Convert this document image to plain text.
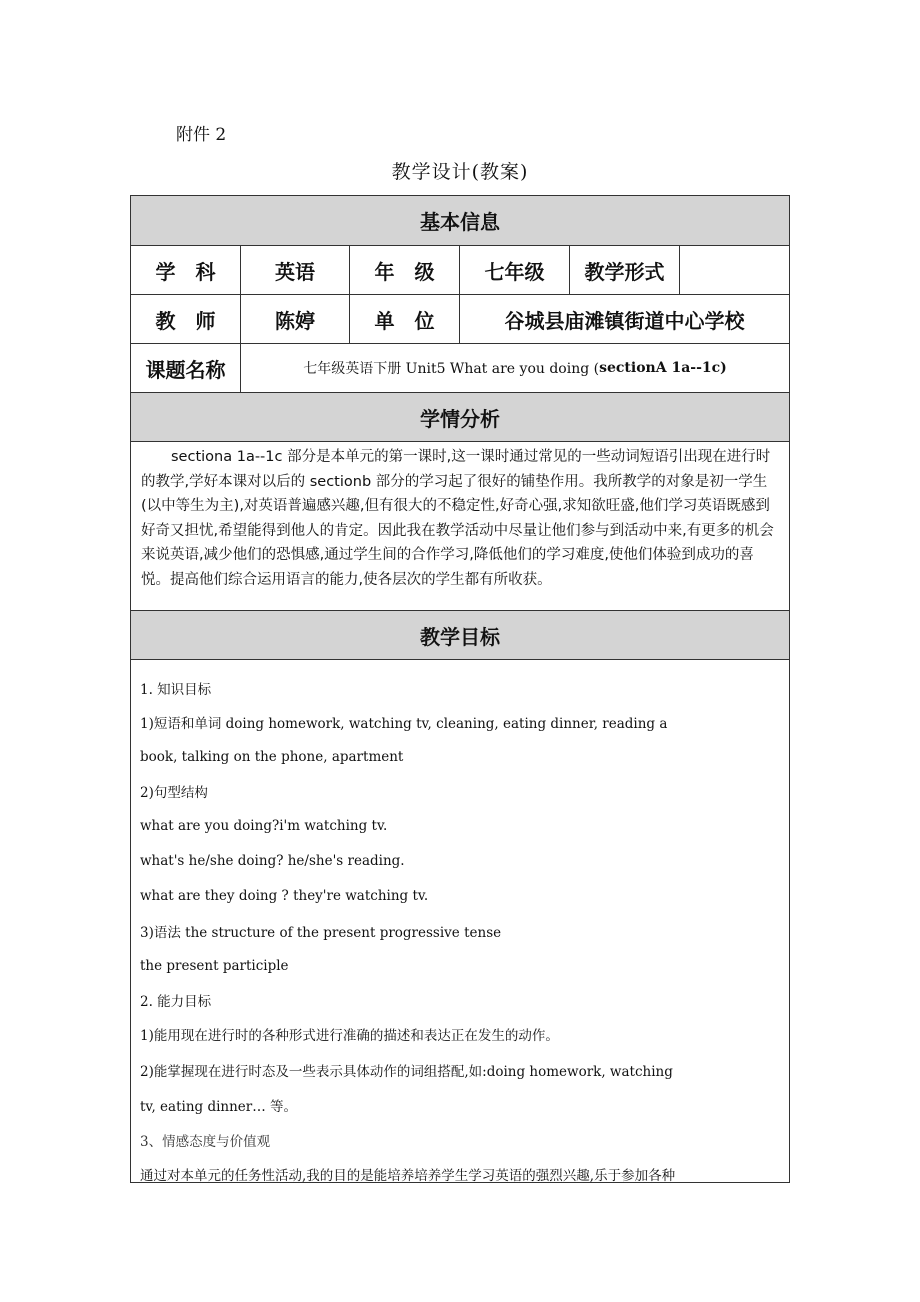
附件 2
教学设计(教案)
基本信息
学　科	英语	年　级	七年级	教学形式
教　师	陈婷	单　位	谷城县庙滩镇街道中心学校
课题名称	七年级英语下册 Unit5 What are you doing ( sectionA 1a--1c)
学情分析
sectiona 1a--1c 部分是本单元的第一课时,这一课时通过常见的一些动词短语引出现在进行时的教学,学好本课对以后的 sectionb 部分的学习起了很好的铺垫作用。我所教学的对象是初一学生(以中等生为主),对英语普遍感兴趣,但有很大的不稳定性,好奇心强,求知欲旺盛,他们学习英语既感到好奇又担忧,希望能得到他人的肯定。因此我在教学活动中尽量让他们参与到活动中来,有更多的机会来说英语,减少他们的恐惧感,通过学生间的合作学习,降低他们的学习难度,使他们体验到成功的喜悦。提高他们综合运用语言的能力,使各层次的学生都有所收获。
教学目标
1. 知识目标
1)短语和单词 doing homework, watching tv, cleaning, eating dinner, reading a
book, talking on the phone, apartment
2)句型结构
what are you doing?i'm watching tv.
what's he/she doing? he/she's reading.
what are they doing ? they're watching tv.
3)语法 the structure of the present progressive tense
the present participle
2. 能力目标
1)能用现在进行时的各种形式进行准确的描述和表达正在发生的动作。
2)能掌握现在进行时态及一些表示具体动作的词组搭配,如:doing homework, watching
tv, eating dinner… 等。
3、情感态度与价值观
通过对本单元的任务性活动,我的目的是能培养培养学生学习英语的强烈兴趣,乐于参加各种
